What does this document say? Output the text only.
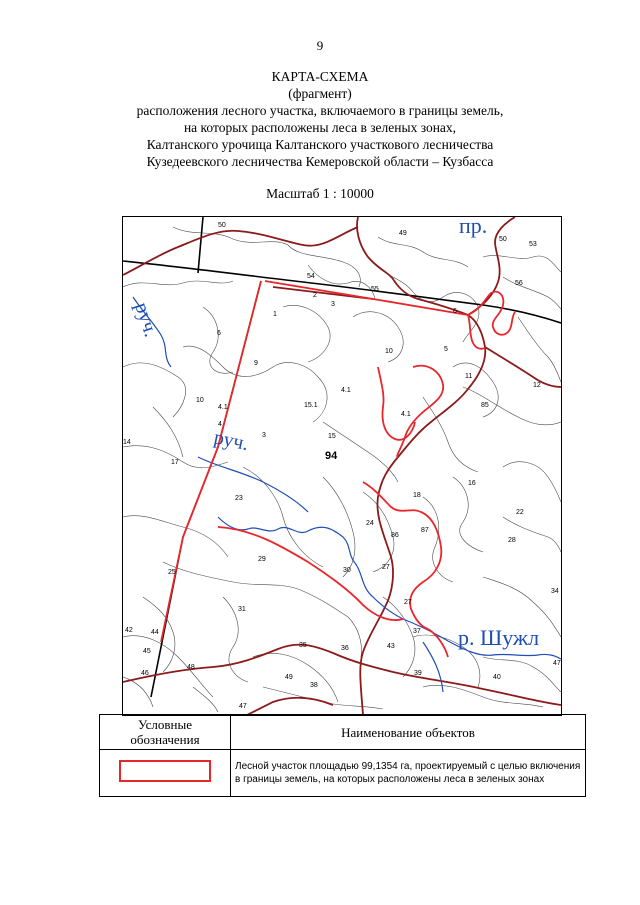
9
КАРТА-СХЕМА
(фрагмент)
расположения лесного участка, включаемого в границы земель,
на которых расположены леса в зеленых зонах,
Калтанского урочища Калтанского участкового лесничества
Кузедеевского лесничества Кемеровской области – Кузбасса
Масштаб 1 : 10000
50
49
50
53
56
54
2
3
55
6
1
6
9
10	5
11
12
4.1
10
4.1	15.1	85
4.1
4
15
3
14
17
16
18
22
23
24
86
87
28
29
30	27
25
34
31
27
42	44
35	36
37
43
45
46
48
49
38
39
40
47
47
94
пр.
руч.
руч.
р. Шужл
Условные обозначения	Наименование объектов
	Лесной участок площадью 99,1354 га, проектируемый с целью включения в границы земель, на которых расположены леса в зеленых зонах
